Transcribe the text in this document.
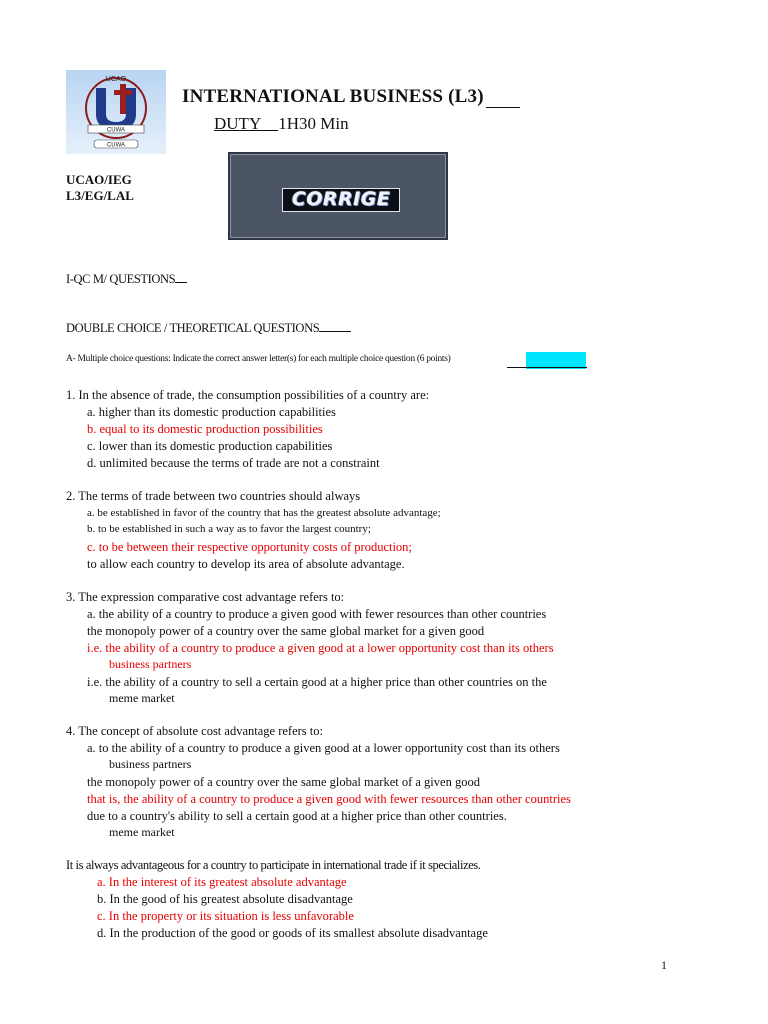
UCAO
CUWA
CUWA
INTERNATIONAL BUSINESS (L3)
DUTY 1H30 Min
UCAO/IEG
L3/EG/LAL	CORRIGE
I-QC M/ QUESTIONS
DOUBLE CHOICE / THEORETICAL QUESTIONS
A- Multiple choice questions: Indicate the correct answer letter(s) for each multiple choice question (6 points)
1. In the absence of trade, the consumption possibilities of a country are:
a. higher than its domestic production capabilities
b. equal to its domestic production possibilities
c. lower than its domestic production capabilities
d. unlimited because the terms of trade are not a constraint
2. The terms of trade between two countries should always
a. be established in favor of the country that has the greatest absolute advantage;
b. to be established in such a way as to favor the largest country;
c. to be between their respective opportunity costs of production;
to allow each country to develop its area of absolute advantage.
3. The expression comparative cost advantage refers to:
a. the ability of a country to produce a given good with fewer resources than other countries
the monopoly power of a country over the same global market for a given good
i.e. the ability of a country to produce a given good at a lower opportunity cost than its others
business partners
i.e. the ability of a country to sell a certain good at a higher price than other countries on the
meme market
4. The concept of absolute cost advantage refers to:
a. to the ability of a country to produce a given good at a lower opportunity cost than its others
business partners
the monopoly power of a country over the same global market of a given good
that is, the ability of a country to produce a given good with fewer resources than other countries
due to a country's ability to sell a certain good at a higher price than other countries.
meme market
It is always advantageous for a country to participate in international trade if it specializes.
a. In the interest of its greatest absolute advantage
b. In the good of his greatest absolute disadvantage
c. In the property or its situation is less unfavorable
d. In the production of the good or goods of its smallest absolute disadvantage
1
